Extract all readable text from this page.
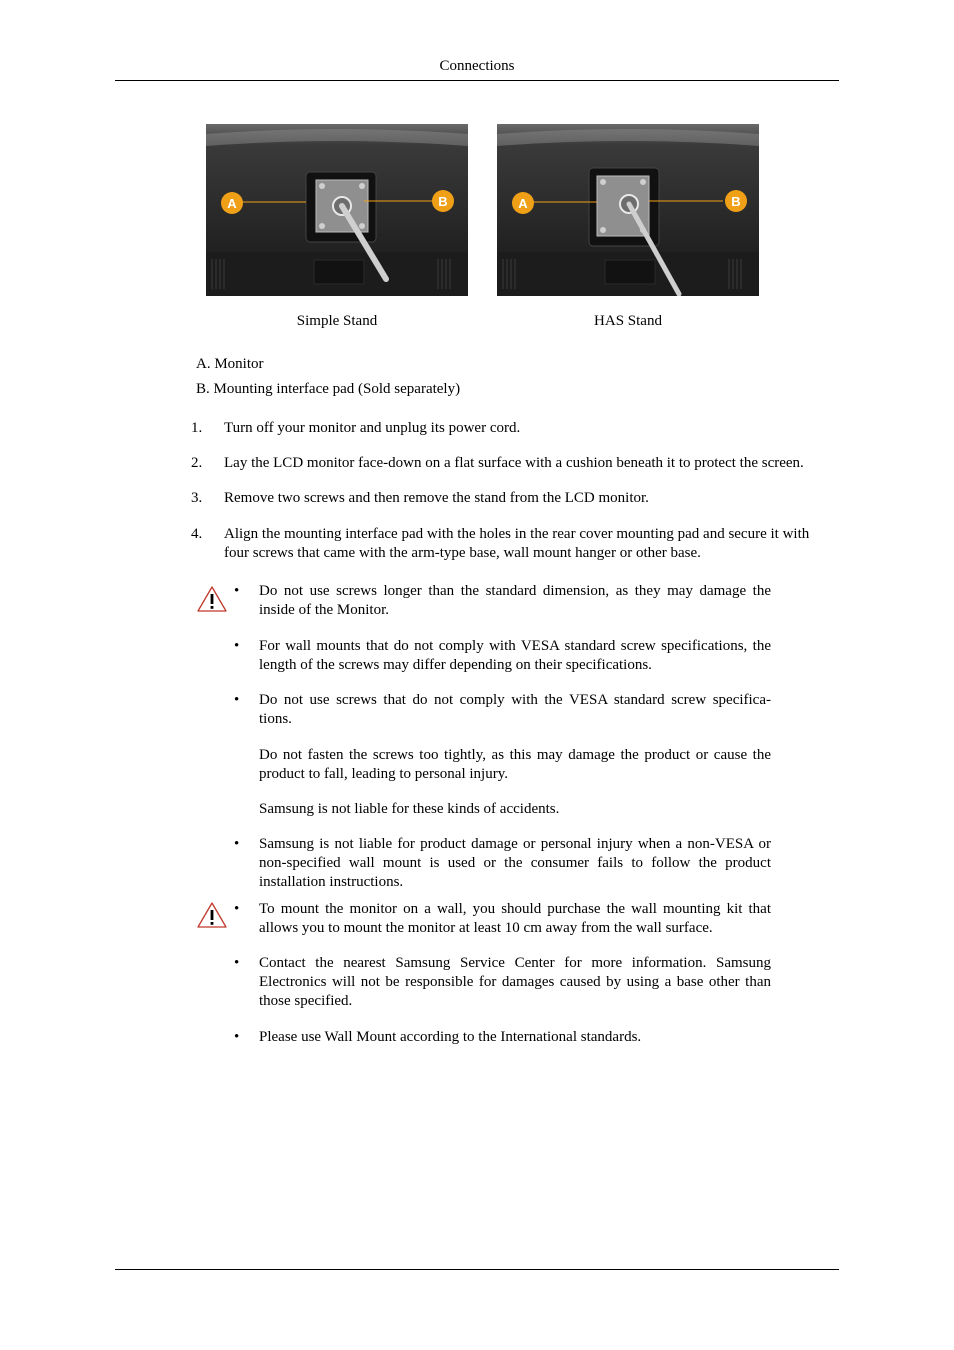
Connections
A	B	A	B
Simple Stand	HAS Stand
A. Monitor
B. Mounting interface pad (Sold separately)
1. Turn off your monitor and unplug its power cord.
2. Lay the LCD monitor face-down on a flat surface with a cushion beneath it to protect the screen.
3. Remove two screws and then remove the stand from the LCD monitor.
4. Align the mounting interface pad with the holes in the rear cover mounting pad and secure it with
four screws that came with the arm-type base, wall mount hanger or other base.
• Do not use screws longer than the standard dimension, as they may damage the inside of the Monitor.
• For wall mounts that do not comply with VESA standard screw specifications, the length of the screws may differ depending on their specifications.
• Do not use screws that do not comply with the VESA standard screw specifica-
tions.
Do not fasten the screws too tightly, as this may damage the product or cause the product to fall, leading to personal injury.
Samsung is not liable for these kinds of accidents.
• Samsung is not liable for product damage or personal injury when a non-VESA or non-specified wall mount is used or the consumer fails to follow the product installation instructions.
• To mount the monitor on a wall, you should purchase the wall mounting kit that allows you to mount the monitor at least 10 cm away from the wall surface.
• Contact the nearest Samsung Service Center for more information. Samsung Electronics will not be responsible for damages caused by using a base other than those specified.
• Please use Wall Mount according to the International standards.
